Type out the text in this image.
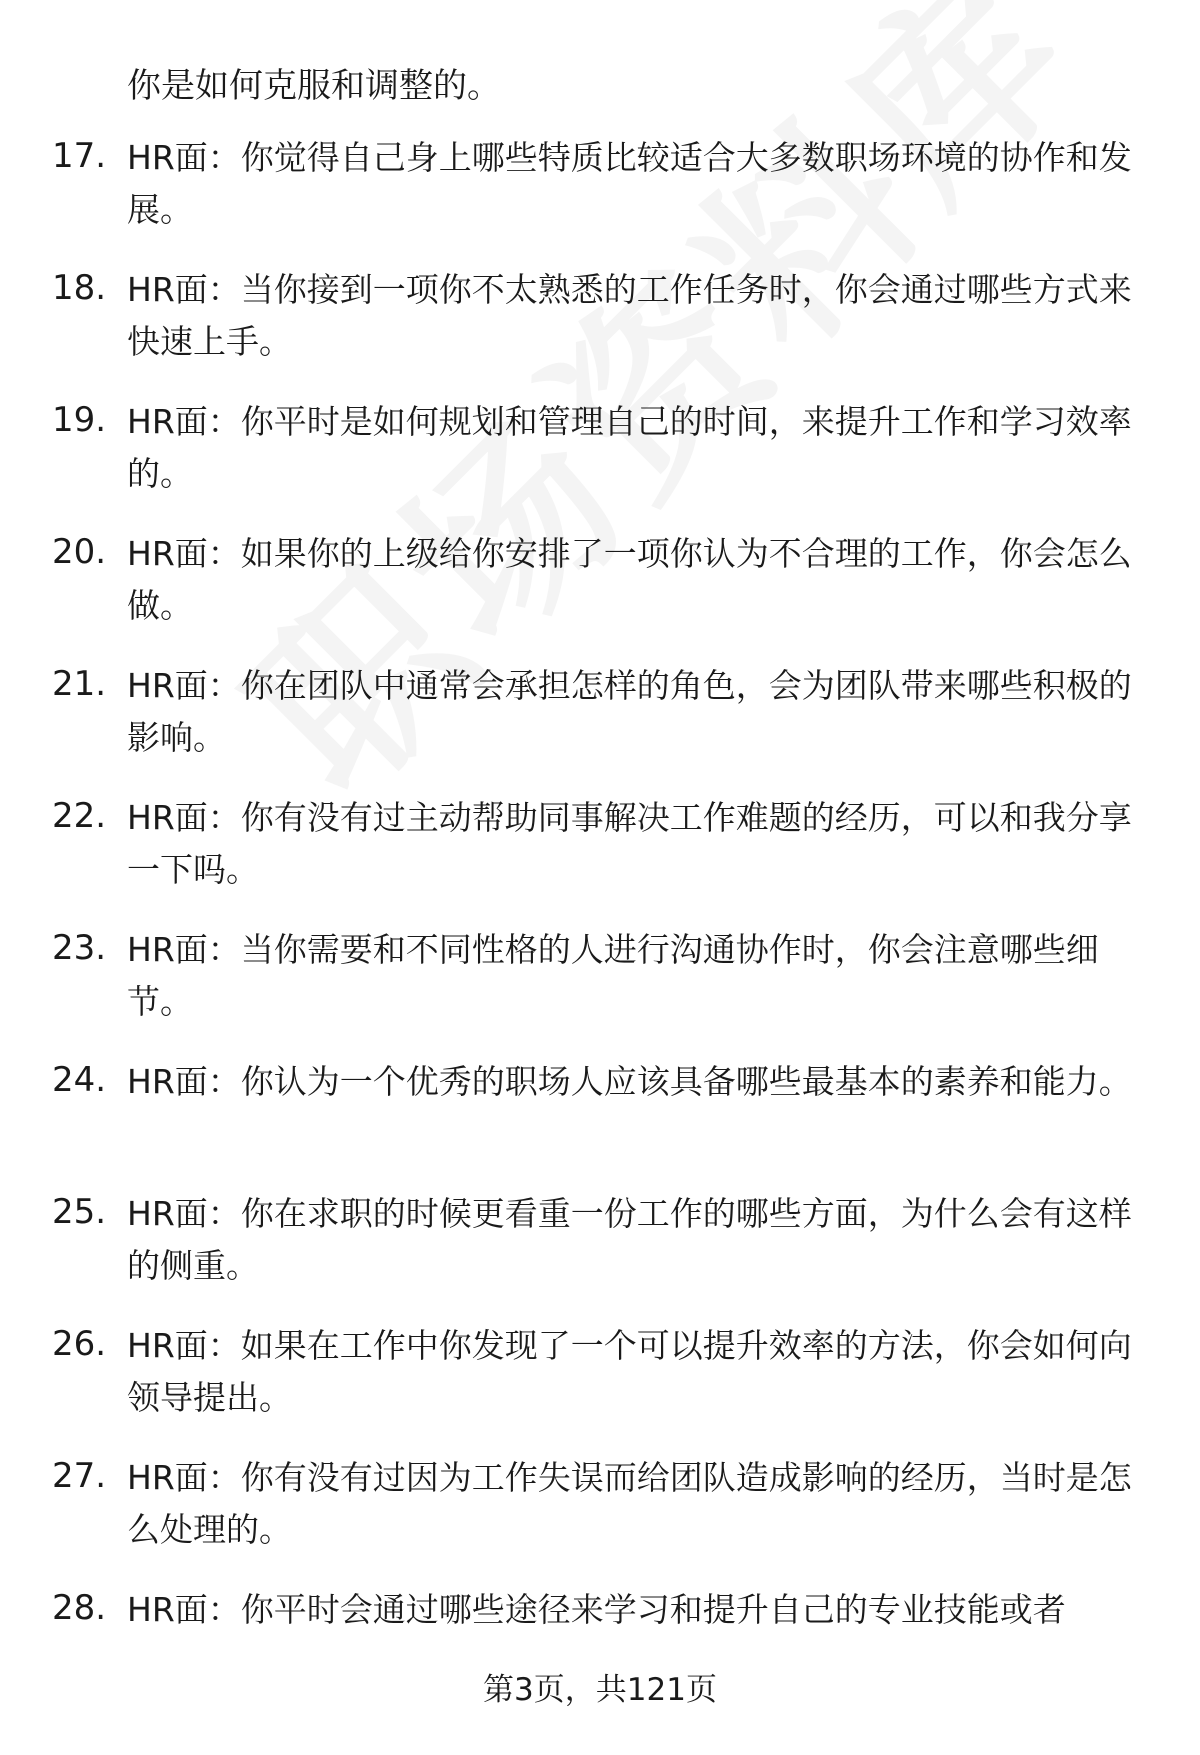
你是如何克服和调整的。
17. HR面：你觉得自己身上哪些特质比较适合大多数职场环境的协作和发展。
18. HR面：当你接到一项你不太熟悉的工作任务时，你会通过哪些方式来快速上手。
19. HR面：你平时是如何规划和管理自己的时间，来提升工作和学习效率的。
20. HR面：如果你的上级给你安排了一项你认为不合理的工作，你会怎么做。
21. HR面：你在团队中通常会承担怎样的角色，会为团队带来哪些积极的影响。
22. HR面：你有没有过主动帮助同事解决工作难题的经历，可以和我分享一下吗。
23. HR面：当你需要和不同性格的人进行沟通协作时，你会注意哪些细节。
24. HR面：你认为一个优秀的职场人应该具备哪些最基本的素养和能力。
25. HR面：你在求职的时候更看重一份工作的哪些方面，为什么会有这样的侧重。
26. HR面：如果在工作中你发现了一个可以提升效率的方法，你会如何向领导提出。
27. HR面：你有没有过因为工作失误而给团队造成影响的经历，当时是怎么处理的。
28. HR面：你平时会通过哪些途径来学习和提升自己的专业技能或者
第3页，共121页
